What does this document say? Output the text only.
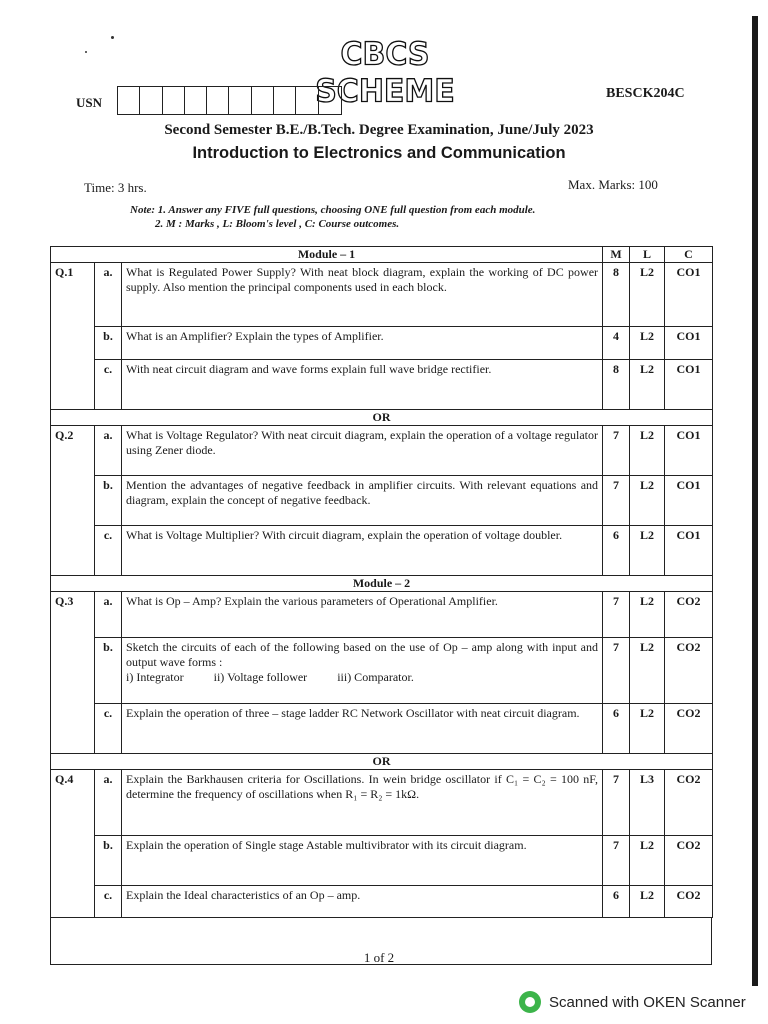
CBCS SCHEME
USN
BESCK204C
Second Semester B.E./B.Tech. Degree Examination, June/July 2023
Introduction to Electronics and Communication
Time: 3 hrs.	Max. Marks: 100
Note: 1. Answer any FIVE full questions, choosing ONE full question from each module.
2. M : Marks , L: Bloom's level , C: Course outcomes.
Module – 1			M	L	C
Q.1	a.	What is Regulated Power Supply? With neat block diagram, explain the working of DC power supply. Also mention the principal components used in each block.	8	L2	CO1
	b.	What is an Amplifier? Explain the types of Amplifier.	4	L2	CO1
	c.	With neat circuit diagram and wave forms explain full wave bridge rectifier.	8	L2	CO1
OR					
Q.2	a.	What is Voltage Regulator? With neat circuit diagram, explain the operation of a voltage regulator using Zener diode.	7	L2	CO1
	b.	Mention the advantages of negative feedback in amplifier circuits. With relevant equations and diagram, explain the concept of negative feedback.	7	L2	CO1
	c.	What is Voltage Multiplier? With circuit diagram, explain the operation of voltage doubler.	6	L2	CO1
Module – 2					
Q.3	a.	What is Op – Amp? Explain the various parameters of Operational Amplifier.	7	L2	CO2
	b.	Sketch the circuits of each of the following based on the use of Op – amp along with input and output wave forms :
i) Integrator ii) Voltage follower iii) Comparator.	7	L2	CO2
	c.	Explain the operation of three – stage ladder RC Network Oscillator with neat circuit diagram.	6	L2	CO2
OR					
Q.4	a.	Explain the Barkhausen criteria for Oscillations. In wein bridge oscillator if C₁ = C₂ = 100 nF, determine the frequency of oscillations when R₁ = R₂ = 1kΩ.	7	L3	CO2
	b.	Explain the operation of Single stage Astable multivibrator with its circuit diagram.	7	L2	CO2
	c.	Explain the Ideal characteristics of an Op – amp.	6	L2	CO2
1 of 2
Scanned with OKEN Scanner
